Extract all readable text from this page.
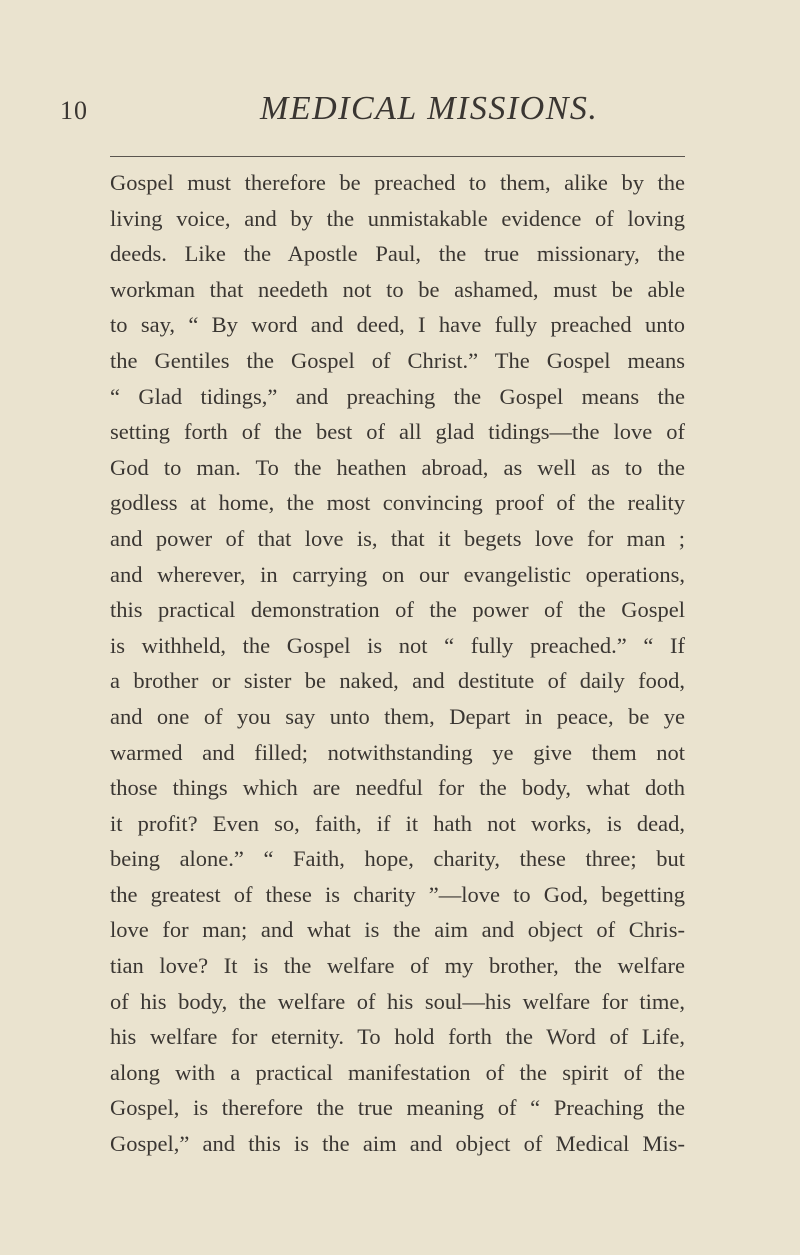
10	MEDICAL MISSIONS.
Gospel must therefore be preached to them, alike by the
living voice, and by the unmistakable evidence of loving
deeds. Like the Apostle Paul, the true missionary, the
workman that needeth not to be ashamed, must be able
to say, “ By word and deed, I have fully preached unto
the Gentiles the Gospel of Christ.” The Gospel means
“ Glad tidings,” and preaching the Gospel means the
setting forth of the best of all glad tidings—the love of
God to man. To the heathen abroad, as well as to the
godless at home, the most convincing proof of the reality
and power of that love is, that it begets love for man ;
and wherever, in carrying on our evangelistic operations,
this practical demonstration of the power of the Gospel
is withheld, the Gospel is not “ fully preached.” “ If
a brother or sister be naked, and destitute of daily food,
and one of you say unto them, Depart in peace, be ye
warmed and filled; notwithstanding ye give them not
those things which are needful for the body, what doth
it profit? Even so, faith, if it hath not works, is dead,
being alone.” “ Faith, hope, charity, these three; but
the greatest of these is charity ”—love to God, begetting
love for man; and what is the aim and object of Chris-
tian love? It is the welfare of my brother, the welfare
of his body, the welfare of his soul—his welfare for time,
his welfare for eternity. To hold forth the Word of Life,
along with a practical manifestation of the spirit of the
Gospel, is therefore the true meaning of “ Preaching the
Gospel,” and this is the aim and object of Medical Mis-
